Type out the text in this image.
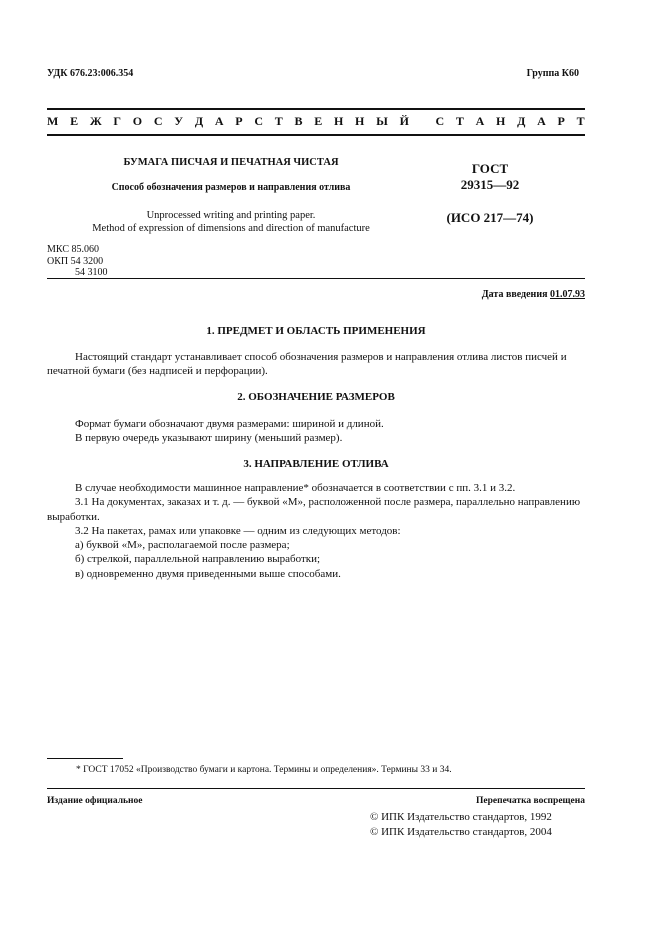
УДК 676.23:006.354	Группа К60
М Е Ж Г О С У Д А Р С Т В Е Н Н Ы Й
С Т А Н Д А Р Т
БУМАГА ПИСЧАЯ И ПЕЧАТНАЯ ЧИСТАЯ
Способ обозначения размеров и направления отлива
Unprocessed writing and printing paper.
Method of expression of dimensions and direction of manufacture
ГОСТ
29315—92
(ИСО 217—74)
МКС 85.060
ОКП 54 3200
54 3100
Дата введения 01.07.93
1. ПРЕДМЕТ И ОБЛАСТЬ ПРИМЕНЕНИЯ
Настоящий стандарт устанавливает способ обозначения размеров и направления отлива листов писчей и печатной бумаги (без надписей и перфорации).
2. ОБОЗНАЧЕНИЕ РАЗМЕРОВ
Формат бумаги обозначают двумя размерами: шириной и длиной.
В первую очередь указывают ширину (меньший размер).
3. НАПРАВЛЕНИЕ ОТЛИВА
В случае необходимости машинное направление* обозначается в соответствии с пп. 3.1 и 3.2.
3.1 На документах, заказах и т. д. — буквой «М», расположенной после размера, параллельно направлению выработки.
3.2 На пакетах, рамах или упаковке — одним из следующих методов:
а) буквой «М», располагаемой после размера;
б) стрелкой, параллельной направлению выработки;
в) одновременно двумя приведенными выше способами.
* ГОСТ 17052 «Производство бумаги и картона. Термины и определения». Термины 33 и 34.
Издание официальное	Перепечатка воспрещена
© ИПК Издательство стандартов, 1992
© ИПК Издательство стандартов, 2004
